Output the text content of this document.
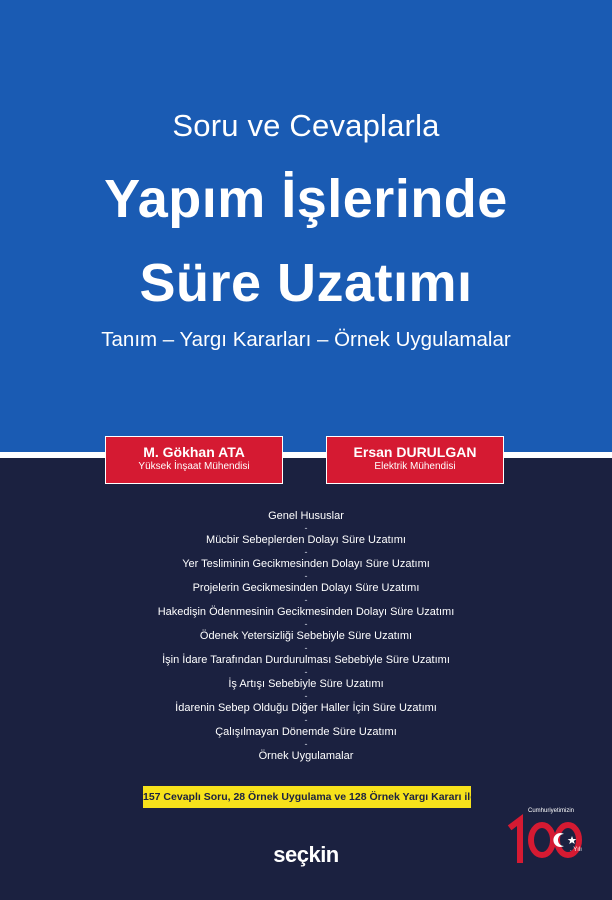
Soru ve Cevaplarla
Yapım İşlerinde
Süre Uzatımı
Tanım – Yargı Kararları – Örnek Uygulamalar
M. Gökhan ATA
Yüksek İnşaat Mühendisi
Ersan DURULGAN
Elektrik Mühendisi
Genel Hususlar
-
Mücbir Sebeplerden Dolayı Süre Uzatımı
-
Yer Tesliminin Gecikmesinden Dolayı Süre Uzatımı
-
Projelerin Gecikmesinden Dolayı Süre Uzatımı
-
Hakedişin Ödenmesinin Gecikmesinden Dolayı Süre Uzatımı
-
Ödenek Yetersizliği Sebebiyle Süre Uzatımı
-
İşin İdare Tarafından Durdurulması Sebebiyle Süre Uzatımı
-
İş Artışı Sebebiyle Süre Uzatımı
-
İdarenin Sebep Olduğu Diğer Haller İçin Süre Uzatımı
-
Çalışılmayan Dönemde Süre Uzatımı
-
Örnek Uygulamalar
157 Cevaplı Soru, 28 Örnek Uygulama ve 128 Örnek Yargı Kararı ile
seçkin
Cumhuriyetimizin
. Yılı
